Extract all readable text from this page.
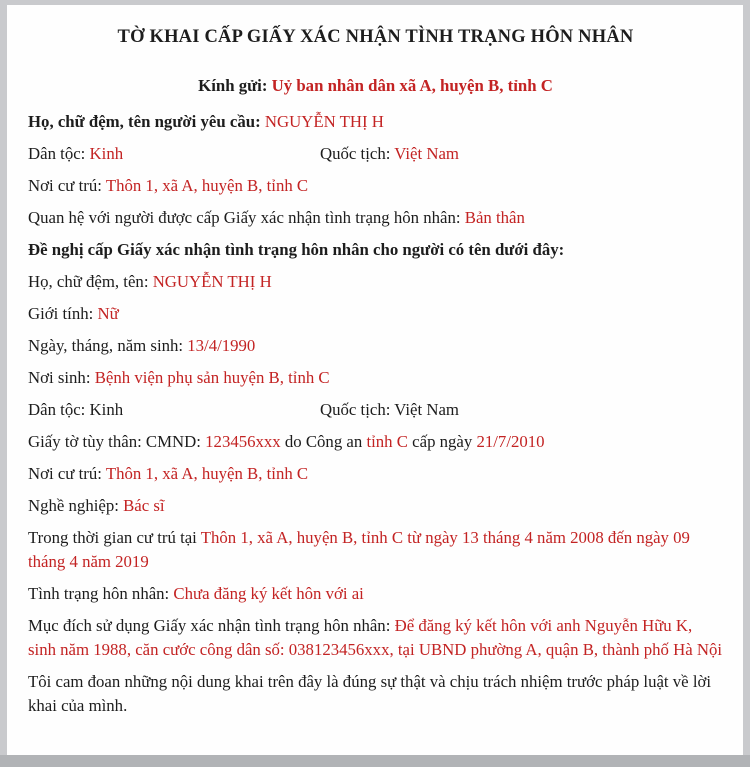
TỜ KHAI CẤP GIẤY XÁC NHẬN TÌNH TRẠNG HÔN NHÂN

Kính gửi: Uỷ ban nhân dân xã A, huyện B, tỉnh C

Họ, chữ đệm, tên người yêu cầu: NGUYỄN THỊ H

Dân tộc: Kinh	Quốc tịch: Việt Nam

Nơi cư trú: Thôn 1, xã A, huyện B, tỉnh C

Quan hệ với người được cấp Giấy xác nhận tình trạng hôn nhân: Bản thân

Đề nghị cấp Giấy xác nhận tình trạng hôn nhân cho người có tên dưới đây:

Họ, chữ đệm, tên: NGUYỄN THỊ H

Giới tính: Nữ

Ngày, tháng, năm sinh: 13/4/1990

Nơi sinh: Bệnh viện phụ sản huyện B, tỉnh C

Dân tộc: Kinh	Quốc tịch: Việt Nam

Giấy tờ tùy thân: CMND: 123456xxx do Công an tỉnh C cấp ngày 21/7/2010

Nơi cư trú: Thôn 1, xã A, huyện B, tỉnh C

Nghề nghiệp: Bác sĩ

Trong thời gian cư trú tại Thôn 1, xã A, huyện B, tỉnh C từ ngày 13 tháng 4 năm 2008 đến ngày 09 tháng 4 năm 2019

Tình trạng hôn nhân: Chưa đăng ký kết hôn với ai

Mục đích sử dụng Giấy xác nhận tình trạng hôn nhân: Để đăng ký kết hôn với anh Nguyễn Hữu K, sinh năm 1988, căn cước công dân số: 038123456xxx, tại UBND phường A, quận B, thành phố Hà Nội

Tôi cam đoan những nội dung khai trên đây là đúng sự thật và chịu trách nhiệm trước pháp luật về lời khai của mình.
